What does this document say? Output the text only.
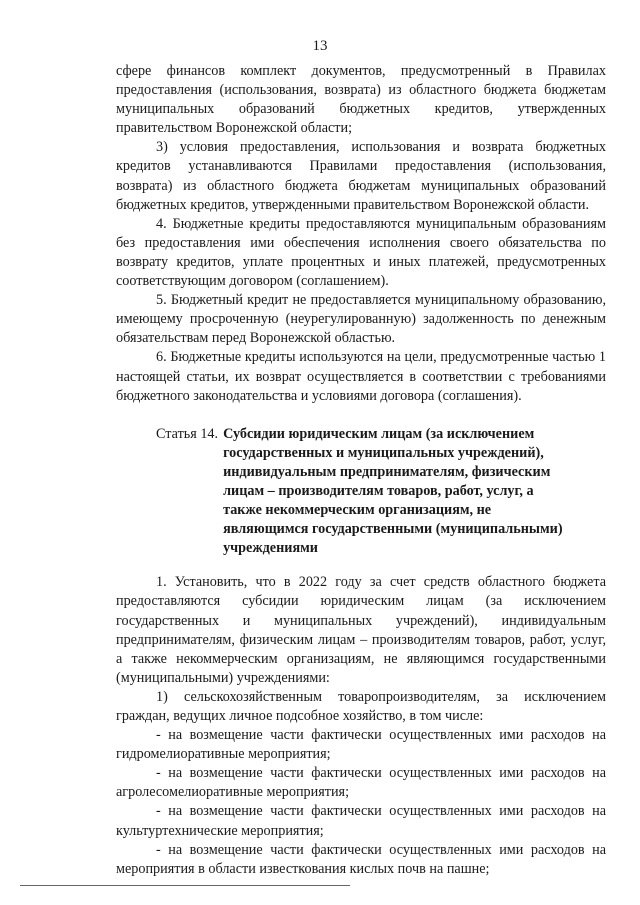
13

сфере финансов комплект документов, предусмотренный в Правилах предоставления (использования, возврата) из областного бюджета бюджетам муниципальных образований бюджетных кредитов, утвержденных правительством Воронежской области;

3) условия предоставления, использования и возврата бюджетных кредитов устанавливаются Правилами предоставления (использования, возврата) из областного бюджета бюджетам муниципальных образований бюджетных кредитов, утвержденными правительством Воронежской области.

4. Бюджетные кредиты предоставляются муниципальным образованиям без предоставления ими обеспечения исполнения своего обязательства по возврату кредитов, уплате процентных и иных платежей, предусмотренных соответствующим договором (соглашением).

5. Бюджетный кредит не предоставляется муниципальному образованию, имеющему просроченную (неурегулированную) задолженность по денежным обязательствам перед Воронежской областью.

6. Бюджетные кредиты используются на цели, предусмотренные частью 1 настоящей статьи, их возврат осуществляется в соответствии с требованиями бюджетного законодательства и условиями договора (соглашения).

Статья 14. Субсидии юридическим лицам (за исключением государственных и муниципальных учреждений), индивидуальным предпринимателям, физическим лицам – производителям товаров, работ, услуг, а также некоммерческим организациям, не являющимся государственными (муниципальными) учреждениями

1. Установить, что в 2022 году за счет средств областного бюджета предоставляются субсидии юридическим лицам (за исключением государственных и муниципальных учреждений), индивидуальным предпринимателям, физическим лицам – производителям товаров, работ, услуг, а также некоммерческим организациям, не являющимся государственными (муниципальными) учреждениями:

1) сельскохозяйственным товаропроизводителям, за исключением граждан, ведущих личное подсобное хозяйство, в том числе:

- на возмещение части фактически осуществленных ими расходов на гидромелиоративные мероприятия;

- на возмещение части фактически осуществленных ими расходов на агролесомелиоративные мероприятия;

- на возмещение части фактически осуществленных ими расходов на культуртехнические мероприятия;

- на возмещение части фактически осуществленных ими расходов на мероприятия в области известкования кислых почв на пашне;
